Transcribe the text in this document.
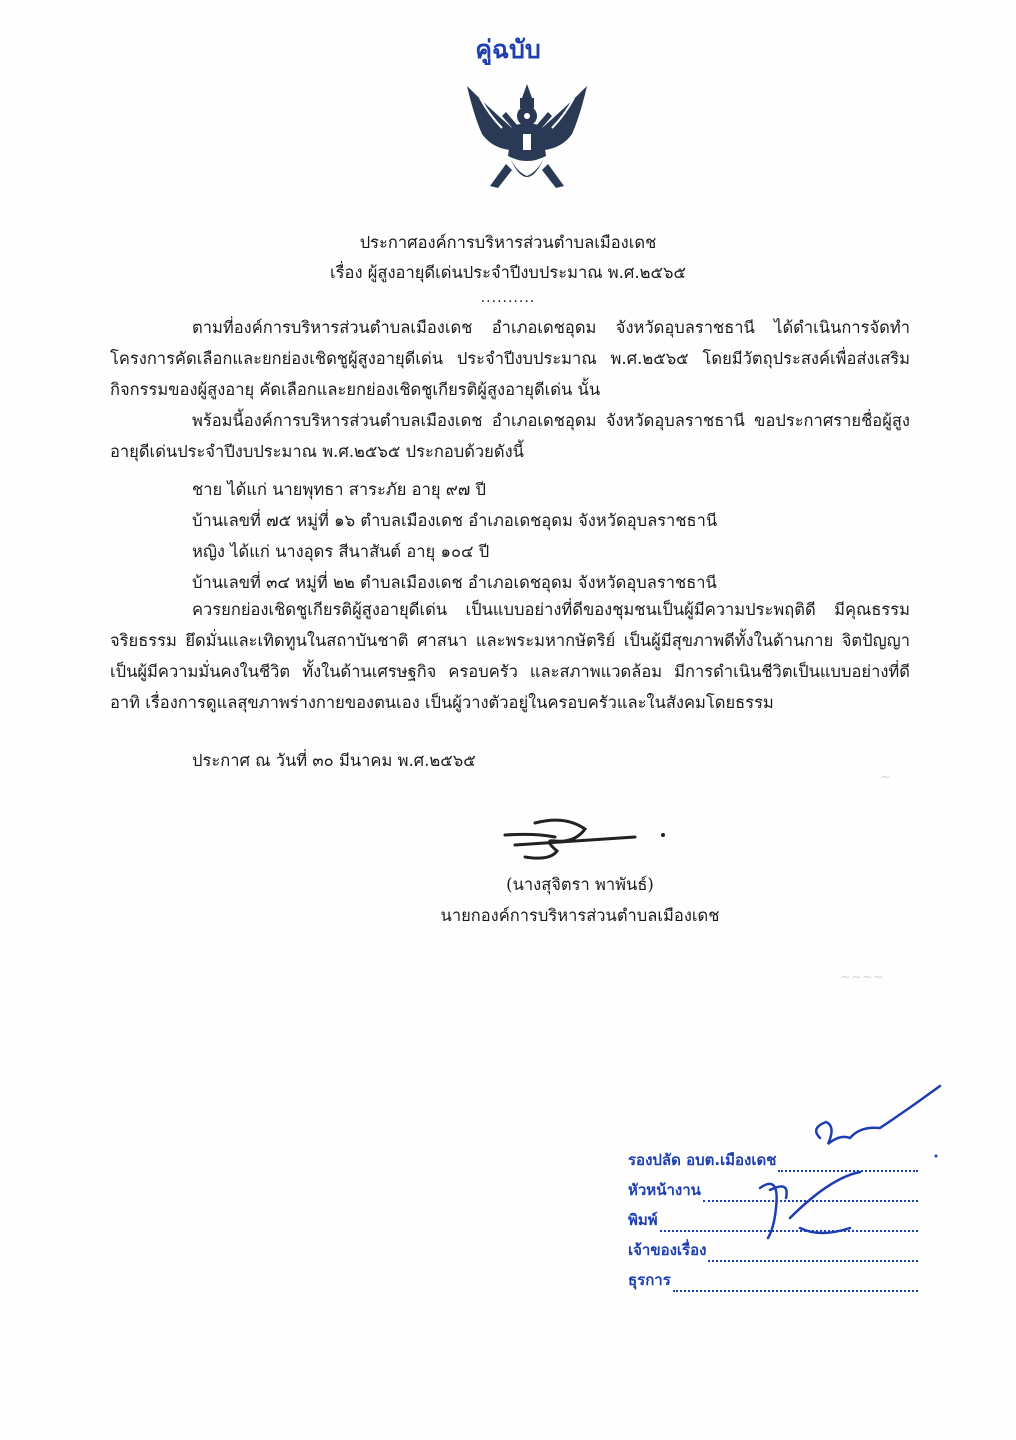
คู่ฉบับ
ประกาศองค์การบริหารส่วนตำบลเมืองเดช
เรื่อง ผู้สูงอายุดีเด่นประจำปีงบประมาณ พ.ศ.๒๕๖๕
..........
ตามที่องค์การบริหารส่วนตำบลเมืองเดช อำเภอเดชอุดม จังหวัดอุบลราชธานี ได้ดำเนินการจัดทำโครงการคัดเลือกและยกย่องเชิดชูผู้สูงอายุดีเด่น ประจำปีงบประมาณ พ.ศ.๒๕๖๕ โดยมีวัตถุประสงค์เพื่อส่งเสริมกิจกรรมของผู้สูงอายุ คัดเลือกและยกย่องเชิดชูเกียรติผู้สูงอายุดีเด่น นั้น
พร้อมนี้องค์การบริหารส่วนตำบลเมืองเดช อำเภอเดชอุดม จังหวัดอุบลราชธานี ขอประกาศรายชื่อผู้สูงอายุดีเด่นประจำปีงบประมาณ พ.ศ.๒๕๖๕ ประกอบด้วยดังนี้
ชาย ได้แก่ นายพุทธา สาระภัย อายุ ๙๗ ปี
บ้านเลขที่ ๗๕ หมู่ที่ ๑๖ ตำบลเมืองเดช อำเภอเดชอุดม จังหวัดอุบลราชธานี
หญิง ได้แก่ นางอุดร สีนาสันต์ อายุ ๑๐๔ ปี
บ้านเลขที่ ๓๔ หมู่ที่ ๒๒ ตำบลเมืองเดช อำเภอเดชอุดม จังหวัดอุบลราชธานี
ควรยกย่องเชิดชูเกียรติผู้สูงอายุดีเด่น เป็นแบบอย่างที่ดีของชุมชนเป็นผู้มีความประพฤติดี มีคุณธรรมจริยธรรม ยึดมั่นและเทิดทูนในสถาบันชาติ ศาสนา และพระมหากษัตริย์ เป็นผู้มีสุขภาพดีทั้งในด้านกาย จิตปัญญา เป็นผู้มีความมั่นคงในชีวิต ทั้งในด้านเศรษฐกิจ ครอบครัว และสภาพแวดล้อม มีการดำเนินชีวิตเป็นแบบอย่างที่ดีอาทิ เรื่องการดูแลสุขภาพร่างกายของตนเอง เป็นผู้วางตัวอยู่ในครอบครัวและในสังคมโดยธรรม
ประกาศ ณ วันที่ ๓๐ มีนาคม พ.ศ.๒๕๖๕
(นางสุจิตรา พาพันธ์)
นายกองค์การบริหารส่วนตำบลเมืองเดช
~
~~~~
รองปลัด อบต.เมืองเดช
หัวหน้างาน
พิมพ์
เจ้าของเรื่อง
ธุรการ
